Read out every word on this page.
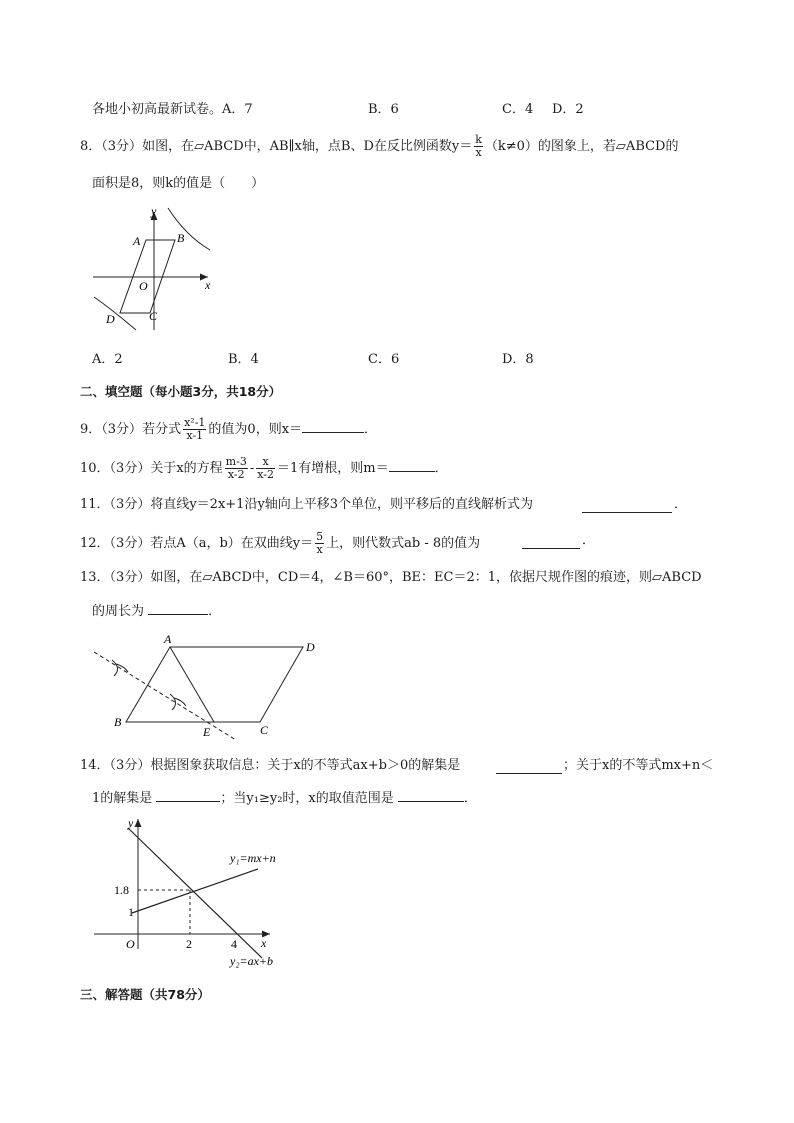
各地小初高最新试卷。A．7	B．6	C．4 D．2
8．（3分）如图，在▱ABCD中，AB∥x轴，点B、D在反比例函数$y= \frac{k}{x} (k\ne 0)$的图象上，若▱ABCD的
面积是8，则k的值是（　　）
y
x
A	B
O
C
D
A．2	B．4	C．6	D．8
二、填空题（每小题3分，共18分）
9．（3分）若分式 $\frac{\text{x²-1}}{x-1}$ 的值为0，则x＝	．
10．（3分）关于x的方程 $\frac{m-3}{x-2} - \frac{x}{x-2} =1$有增根，则m＝	．
11．（3分）将直线y＝2x+1沿y轴向上平移3个单位，则平移后的直线解析式为	．
12．（3分）若点A（a，b）在双曲线$y= \frac{5}{x}$ 上，则代数式ab - 8的值为	．
13．（3分）如图，在▱ABCD中，CD＝4，∠B＝60°，BE：EC＝2：1，依据尺规作图的痕迹，则▱ABCD
的周长为	．
A
D
B
E	C
14．（3分）根据图象获取信息：关于x的不等式ax+b＞0的解集是	；关于x的不等式mx+n＜
1的解集是	；当y₁≥y₂时，x的取值范围是	．
y
x
O
1.8
1
2	4
y₁=mx+n
y₂=ax+b
三、解答题（共78分）
